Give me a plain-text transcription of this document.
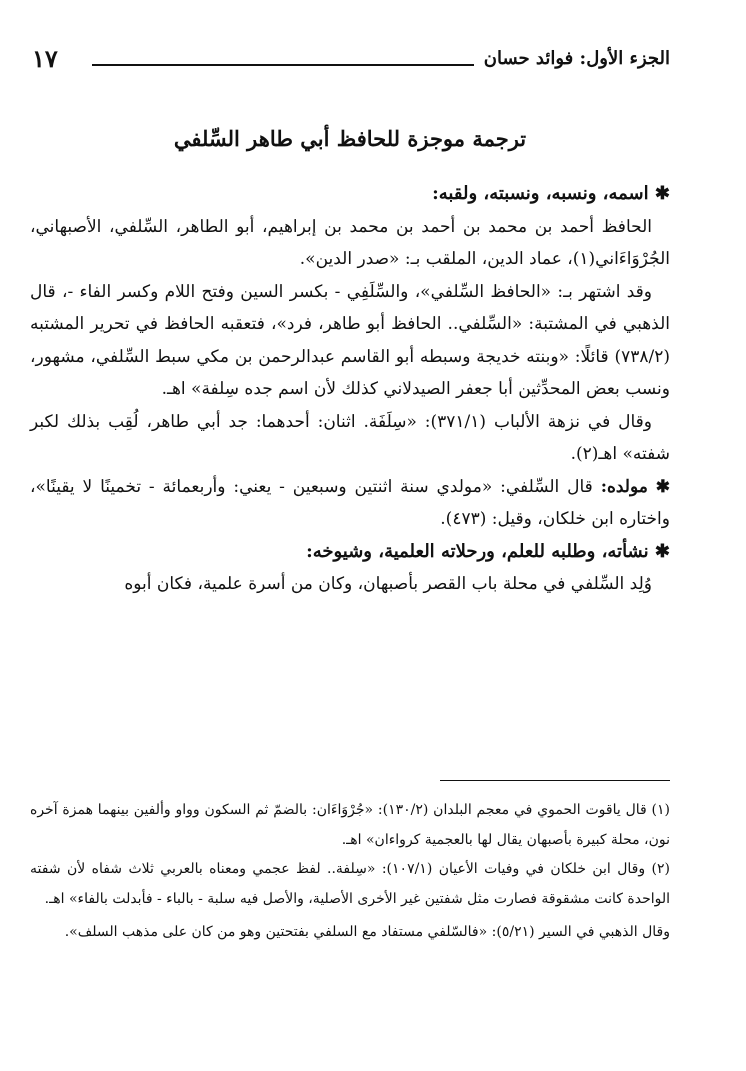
الجزء الأول: فوائد حسان
١٧
ترجمة موجزة للحافظ أبي طاهر السِّلفي

✱ اسمه، ونسبه، ونسبته، ولقبه:

الحافظ أحمد بن محمد بن أحمد بن محمد بن إبراهيم، أبو الطاهر، السِّلفي، الأصبهاني، الجُرْوَاءَاني(١)، عماد الدين، الملقب بـ: «صدر الدين».

وقد اشتهر بـ: «الحافظ السِّلفي»، والسِّلَفِي - بكسر السين وفتح اللام وكسر الفاء -، قال الذهبي في المشتبة: «السِّلفي.. الحافظ أبو طاهر، فرد»، فتعقبه الحافظ في تحرير المشتبه (٧٣٨/٢) قائلًا: «وبنته خديجة وسبطه أبو القاسم عبدالرحمن بن مكي سبط السِّلفي، مشهور، ونسب بعض المحدِّثين أبا جعفر الصيدلاني كذلك لأن اسم جده سِلفة» اهـ.

وقال في نزهة الألباب (٣٧١/١): «سِلَفَة. اثنان: أحدهما: جد أبي طاهر، لُقِب بذلك لكبر شفته» اهـ(٢).

✱ مولده: قال السِّلفي: «مولدي سنة اثنتين وسبعين - يعني: وأربعمائة - تخمينًا لا يقينًا»، واختاره ابن خلكان، وقيل: (٤٧٣).

✱ نشأته، وطلبه للعلم، ورحلاته العلمية، وشيوخه:

وُلِد السِّلفي في محلة باب القصر بأصبهان، وكان من أسرة علمية، فكان أبوه

(١) قال ياقوت الحموي في معجم البلدان (١٣٠/٢): «جُرْوَاءَان: بالضمّ ثم السكون وواو وألفين بينهما همزة آخره نون، محلة كبيرة بأصبهان يقال لها بالعجمية كرواءان» اهـ.

(٢) وقال ابن خلكان في وفيات الأعيان (١٠٧/١): «سِلفة.. لفظ عجمي ومعناه بالعربي ثلاث شفاه لأن شفته الواحدة كانت مشقوقة فصارت مثل شفتين غير الأخرى الأصلية، والأصل فيه سلبة - بالباء - فأبدلت بالفاء» اهـ.

وقال الذهبي في السير (٥/٢١): «فالسّلفي مستفاد مع السلفي بفتحتين وهو من كان على مذهب السلف».
